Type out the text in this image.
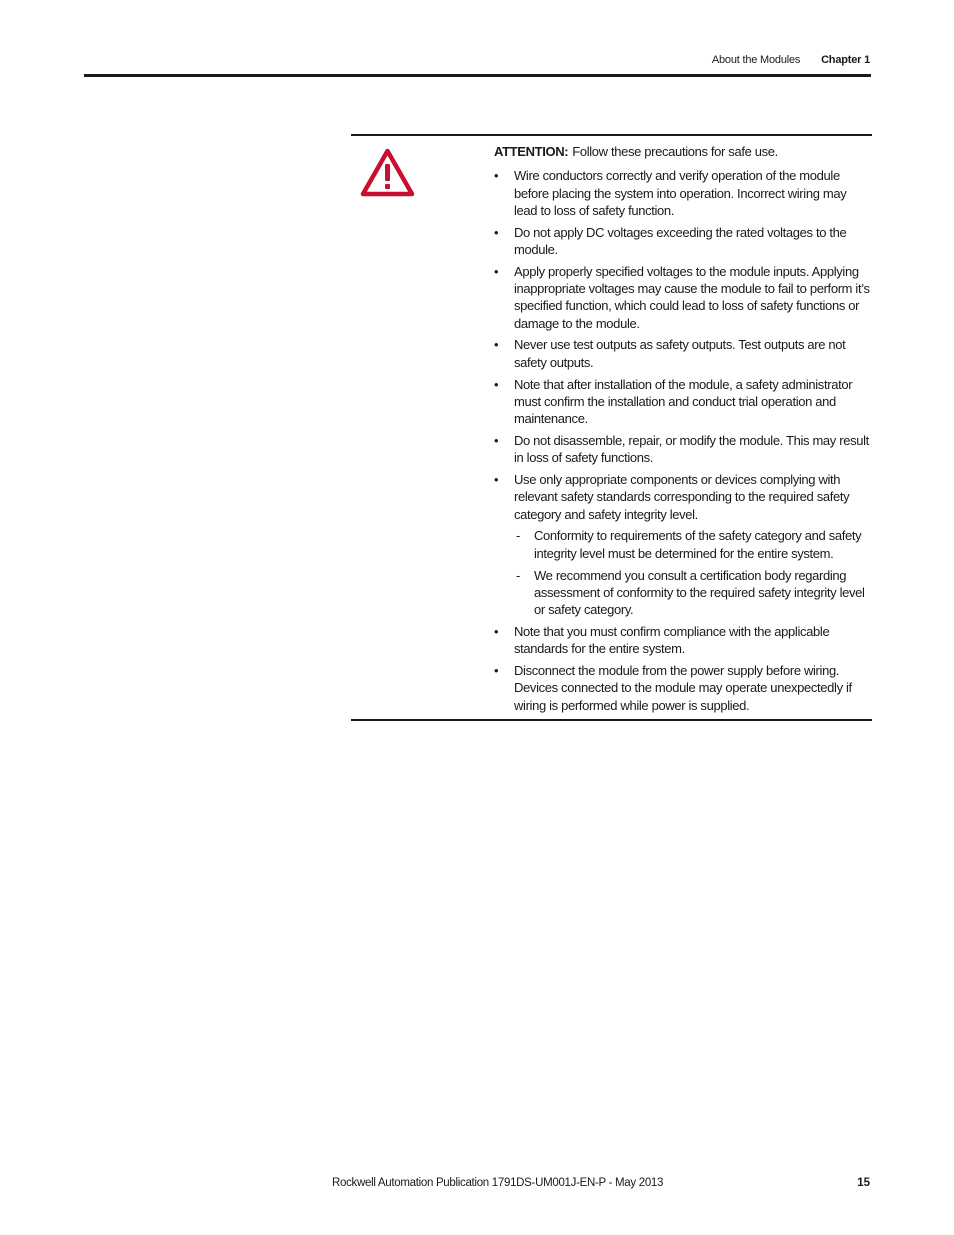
About the Modules Chapter 1

ATTENTION: Follow these precautions for safe use.

• Wire conductors correctly and verify operation of the module before placing the system into operation. Incorrect wiring may lead to loss of safety function.
• Do not apply DC voltages exceeding the rated voltages to the module.
• Apply properly specified voltages to the module inputs. Applying inappropriate voltages may cause the module to fail to perform it’s specified function, which could lead to loss of safety functions or damage to the module.
• Never use test outputs as safety outputs. Test outputs are not safety outputs.
• Note that after installation of the module, a safety administrator must confirm the installation and conduct trial operation and maintenance.
• Do not disassemble, repair, or modify the module. This may result in loss of safety functions.
• Use only appropriate components or devices complying with relevant safety standards corresponding to the required safety category and safety integrity level.
- Conformity to requirements of the safety category and safety integrity level must be determined for the entire system.
- We recommend you consult a certification body regarding assessment of conformity to the required safety integrity level or safety category.
• Note that you must confirm compliance with the applicable standards for the entire system.
• Disconnect the module from the power supply before wiring. Devices connected to the module may operate unexpectedly if wiring is performed while power is supplied.
Rockwell Automation Publication 1791DS-UM001J-EN-P - May 2013	15
